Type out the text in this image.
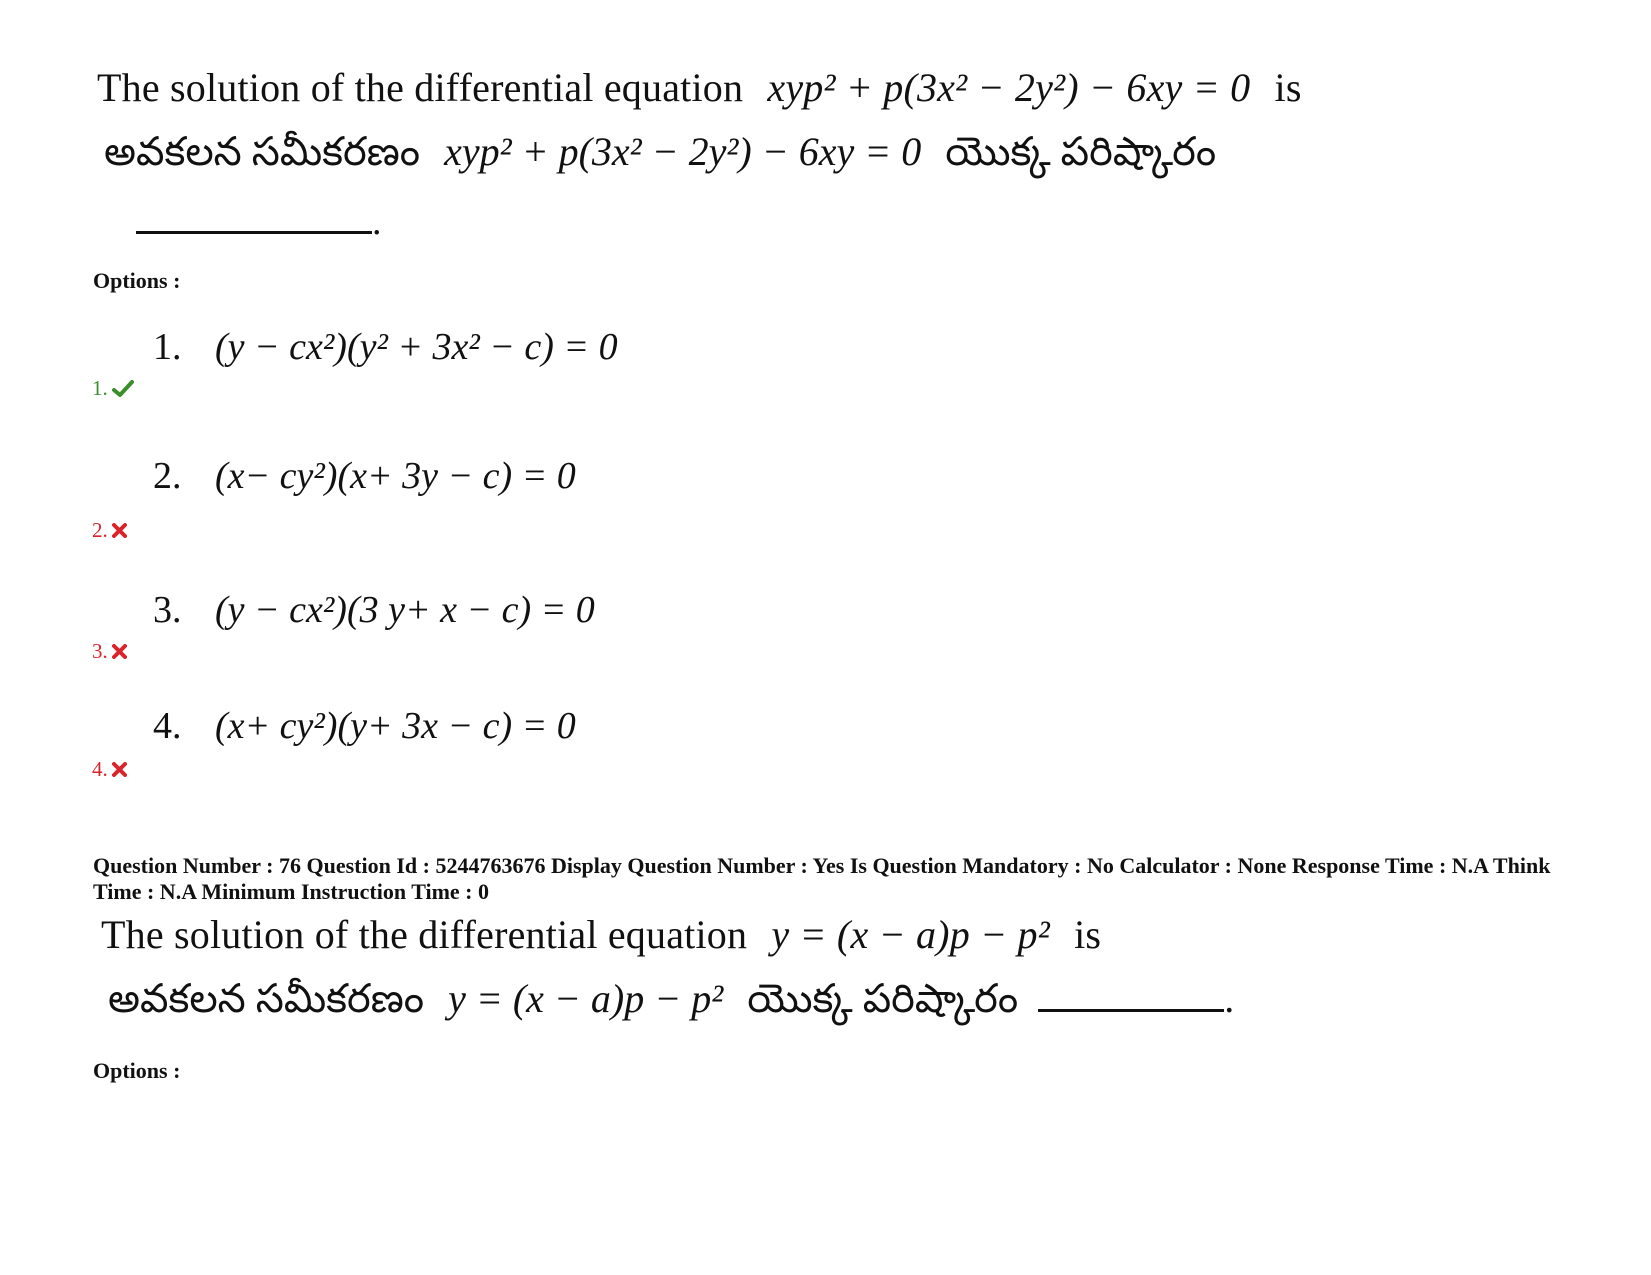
The solution of the differential equation xyp² + p(3x² − 2y²) − 6xy = 0 is
అవకలన సమీకరణం xyp² + p(3x² − 2y²) − 6xy = 0 యొక్క పరిష్కారం
.
Options :
1. (y − cx²)(y² + 3x² − c) = 0
1.
2. (x− cy²)(x+ 3y − c) = 0
2.
3. (y − cx²)(3 y+ x − c) = 0
3.
4. (x+ cy²)(y+ 3x − c) = 0
4.
Question Number : 76 Question Id : 5244763676 Display Question Number : Yes Is Question Mandatory : No Calculator : None Response Time : N.A Think Time : N.A Minimum Instruction Time : 0
The solution of the differential equation y = (x − a)p − p² is
అవకలన సమీకరణం y = (x − a)p − p² యొక్క పరిష్కారం	.
Options :
